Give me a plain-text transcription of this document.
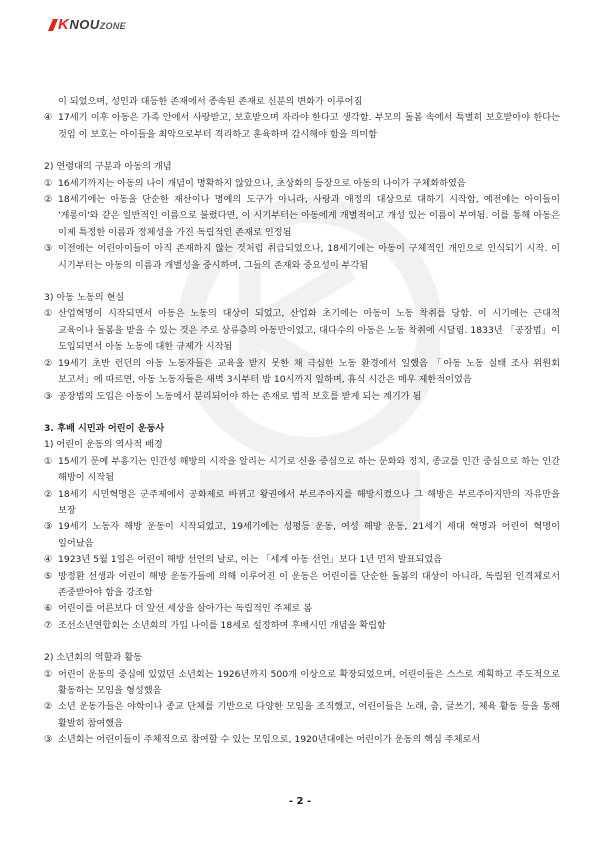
KNOUZONE
이 되었으며, 성인과 대등한 존재에서 종속된 존재로 신분의 변화가 이루어짐
④ 17세기 이후 아동은 가족 안에서 사랑받고, 보호받으며 자라야 한다고 생각함. 부모의 돌봄 속에서 특별히 보호받아야 한다는 것임 이 보호는 아이들을 최악으로부터 격리하고 훈육하며 감시해야 함을 의미함
2) 연령대의 구분과 아동의 개념
① 16세기까지는 아동의 나이 개념이 명확하지 않았으나, 초상화의 등장으로 아동의 나이가 구체화하였음
② 18세기에는 아동을 단순한 재산이나 명예의 도구가 아니라, 사랑과 애정의 대상으로 대하기 시작함, 예전에는 아이들이 '게롱이'와 같은 일반적인 이름으로 불렸다면, 이 시기부터는 아동에게 개별적이고 개성 있는 이름이 부여됨. 이를 통해 아동은 이제 특정한 이름과 정체성을 가진 독립적인 존재로 인정됨
③ 이전에는 어린아이들이 아직 존재하지 않는 것처럼 취급되었으나, 18세기에는 아동이 구체적인 개인으로 인식되기 시작. 이 시기부터는 아동의 이름과 개별성을 중시하며, 그들의 존재와 중요성이 부각됨
3) 아동 노동의 현실
① 산업혁명이 시작되면서 아동은 노동의 대상이 되었고, 산업화 초기에는 아동이 노동 착취를 당함. 이 시기에는 근대적 교육이나 돌봄을 받을 수 있는 것은 주로 상류층의 아동만이었고, 대다수의 아동은 노동 착취에 시달림. 1833년 「공장법」이 도입되면서 아동 노동에 대한 규제가 시작됨
② 19세기 초반 런던의 아동 노동자들은 교육을 받지 못한 채 극심한 노동 환경에서 일했음 「아동 노동 실태 조사 위원회 보고서」에 따르면, 아동 노동자들은 새벽 3시부터 밤 10시까지 일하며, 휴식 시간은 매우 제한적이었음
③ 공장법의 도입은 아동이 노동에서 분리되어야 하는 존재로 법적 보호를 받게 되는 계기가 됨
3. 후배 시민과 어린이 운동사
1) 어린이 운동의 역사적 배경
① 15세기 문예 부흥기는 인간성 해방의 시작을 알리는 시기로 신을 중심으로 하는 문화와 정치, 종교를 인간 중심으로 하는 인간 해방이 시작됨
② 18세기 시민혁명은 군주제에서 공화제로 바뀌고 왕권에서 부르주아지를 해방시켰으나 그 해방은 부르주아지만의 자유만을 보장
③ 19세기 노동자 해방 운동이 시작되었고, 19세기에는 성평등 운동, 여성 해방 운동, 21세기 세대 혁명과 어린이 혁명이 일어났음
④ 1923년 5월 1일은 어린이 해방 선언의 날로, 이는 「세계 아동 선언」보다 1년 먼저 발표되었음
⑤ 방정환 선생과 어린이 해방 운동가들에 의해 이루어진 이 운동은 어린이를 단순한 돌봄의 대상이 아니라, 독립된 인격체로서 존중받아야 함을 강조함
⑥ 어린이를 어른보다 더 앞선 세상을 살아가는 독립적인 주체로 봄
⑦ 조선소년연합회는 소년회의 가입 나이를 18세로 설정하며 후배시민 개념을 확립함
2) 소년회의 역할과 활동
① 어린이 운동의 중심에 있었던 소년회는 1926년까지 500개 이상으로 확장되었으며, 어린이들은 스스로 계획하고 주도적으로 활동하는 모임을 형성했음
② 소년 운동가들은 야학이나 종교 단체를 기반으로 다양한 모임을 조직했고, 어린이들은 노래, 춤, 글쓰기, 체육 활동 등을 통해 활발히 참여했음
③ 소년회는 어린이들이 주체적으로 참여할 수 있는 모임으로, 1920년대에는 어린이가 운동의 핵심 주체로서
- 2 -
